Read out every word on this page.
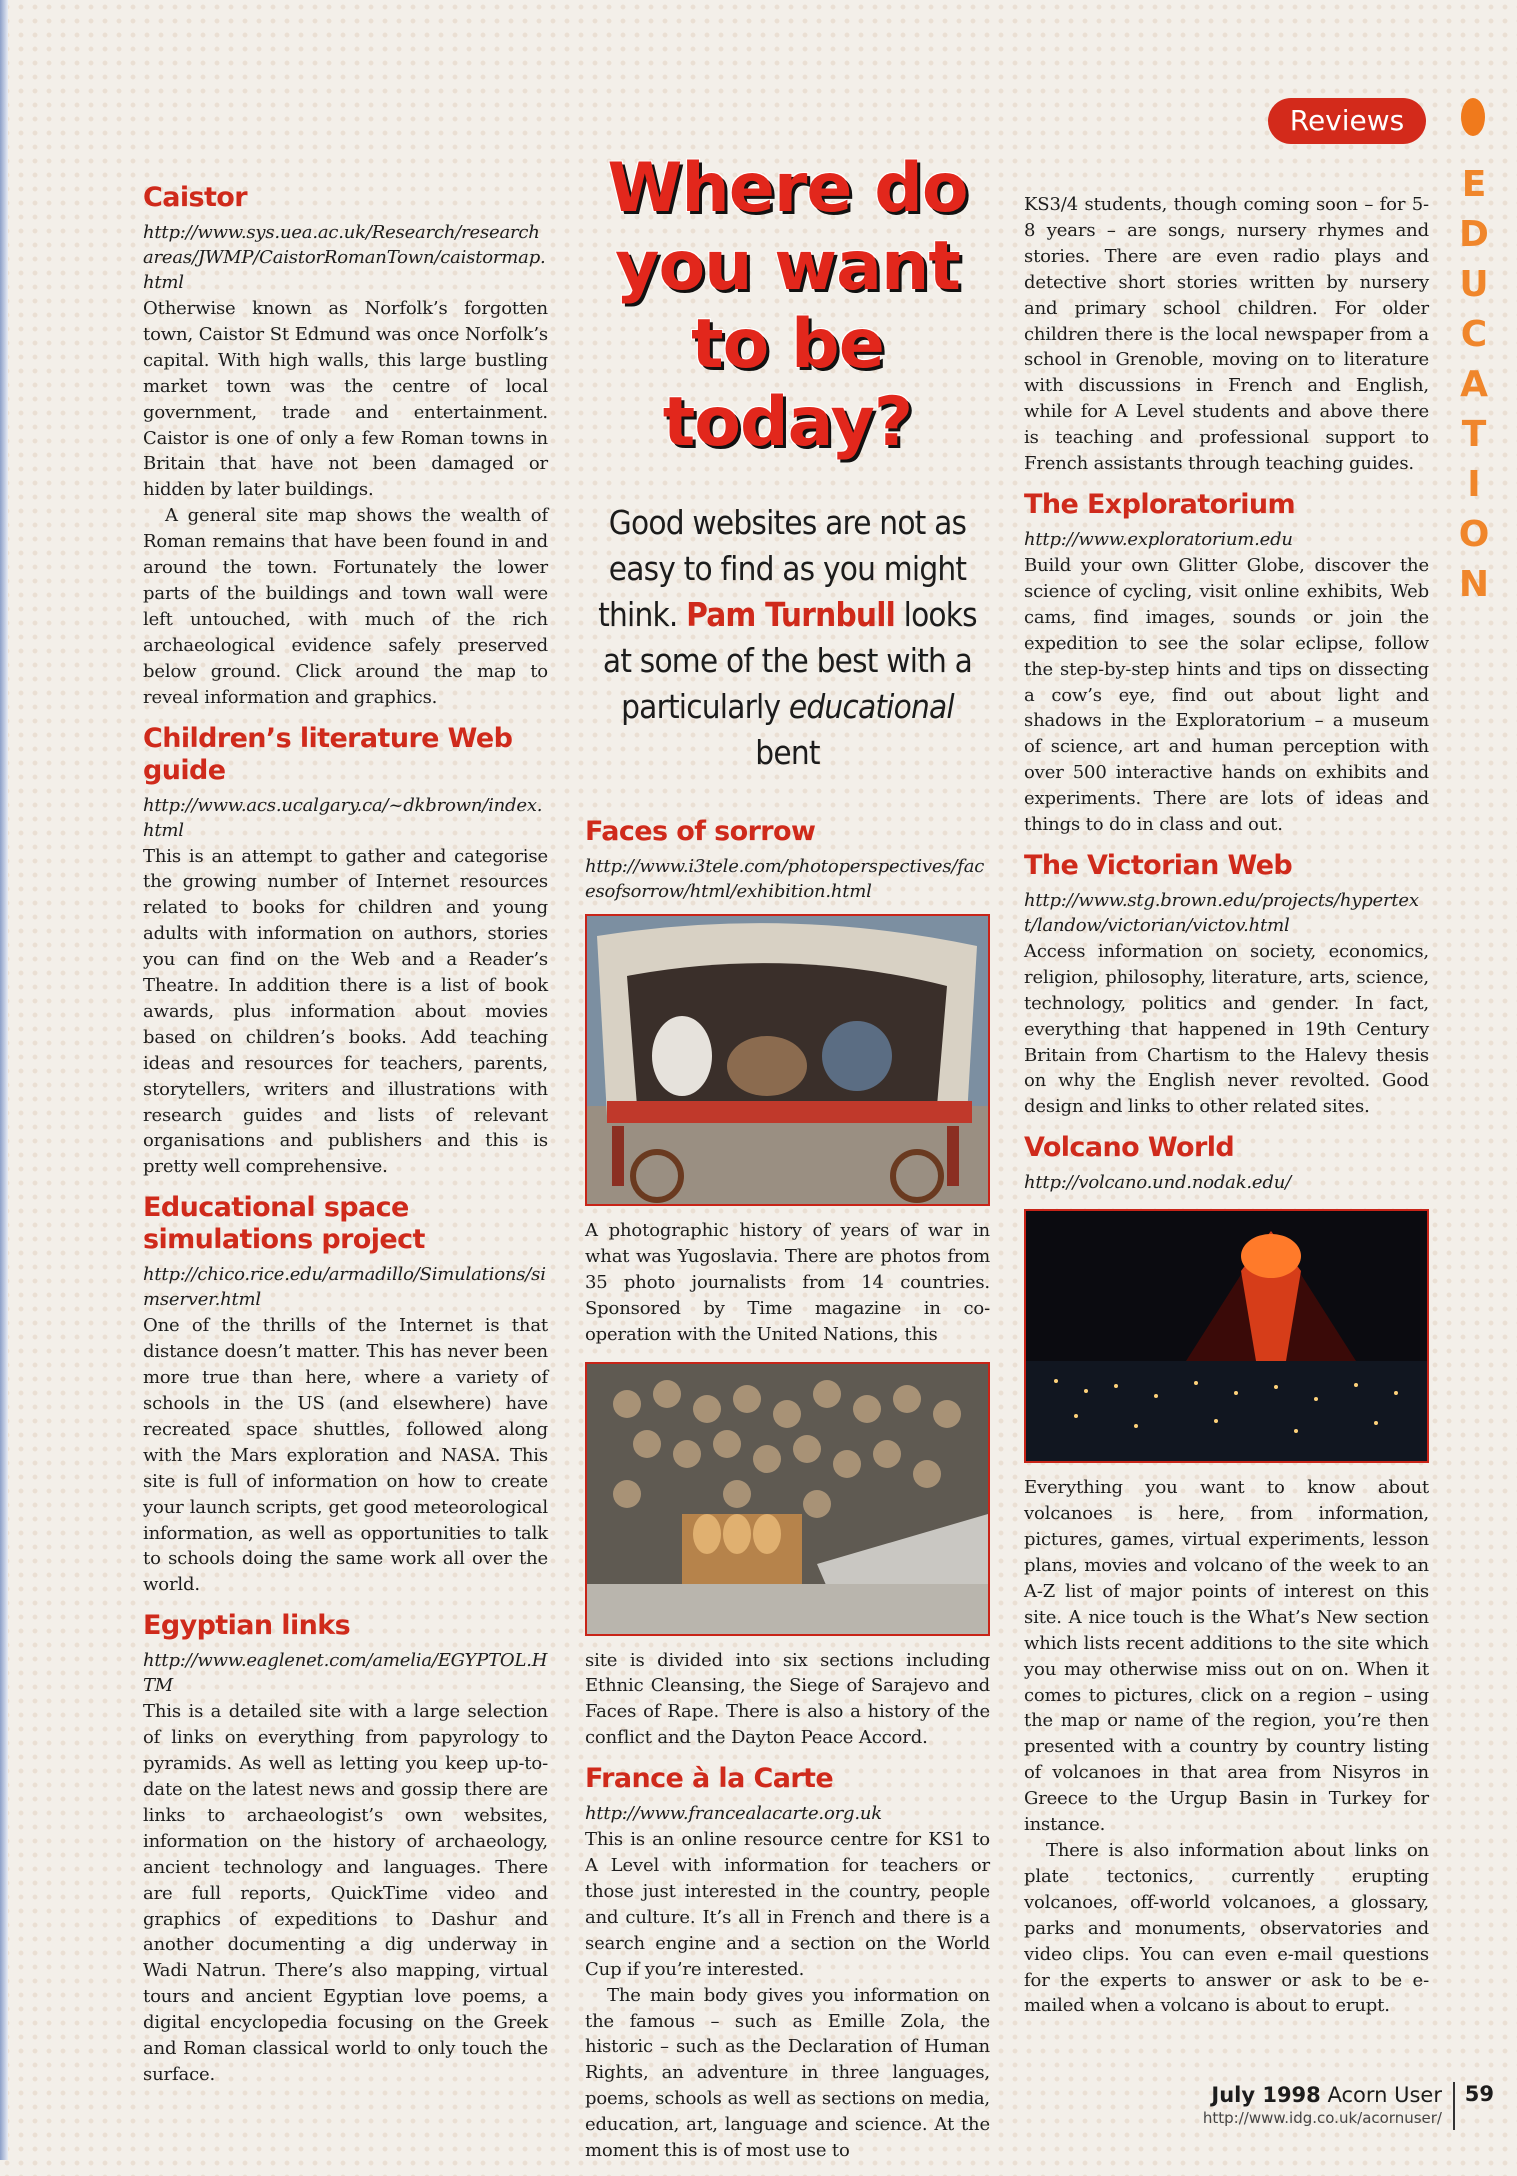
Reviews
E
D
U
C
A
T
I
O
N
Caistor
http://www.sys.uea.ac.uk/Research/researchareas/JWMP/CaistorRomanTown/caistormap.html

Otherwise known as Norfolk’s forgotten town, Caistor St Edmund was once Norfolk’s capital. With high walls, this large bustling market town was the centre of local government, trade and entertainment. Caistor is one of only a few Roman towns in Britain that have not been damaged or hidden by later buildings.

A general site map shows the wealth of Roman remains that have been found in and around the town. Fortunately the lower parts of the buildings and town wall were left untouched, with much of the rich archaeological evidence safely preserved below ground. Click around the map to reveal information and graphics.

Children’s literature Web guide
http://www.acs.ucalgary.ca/~dkbrown/index.html

This is an attempt to gather and categorise the growing number of Internet resources related to books for children and young adults with information on authors, stories you can find on the Web and a Reader’s Theatre. In addition there is a list of book awards, plus information about movies based on children’s books. Add teaching ideas and resources for teachers, parents, storytellers, writers and illustrations with research guides and lists of relevant organisations and publishers and this is pretty well comprehensive.

Educational space simulations project
http://chico.rice.edu/armadillo/Simulations/simserver.html

One of the thrills of the Internet is that distance doesn’t matter. This has never been more true than here, where a variety of schools in the US (and elsewhere) have recreated space shuttles, followed along with the Mars exploration and NASA. This site is full of information on how to create your launch scripts, get good meteorological information, as well as opportunities to talk to schools doing the same work all over the world.

Egyptian links
http://www.eaglenet.com/amelia/EGYPTOL.HTM

This is a detailed site with a large selection of links on everything from papyrology to pyramids. As well as letting you keep up-to-date on the latest news and gossip there are links to archaeologist’s own websites, information on the history of archaeology, ancient technology and languages. There are full reports, QuickTime video and graphics of expeditions to Dashur and another documenting a dig underway in Wadi Natrun. There’s also mapping, virtual tours and ancient Egyptian love poems, a digital encyclopedia focusing on the Greek and Roman classical world to only touch the surface.

Where do you want to be today?
Good websites are not as easy to find as you might think. Pam Turnbull looks at some of the best with a particularly educational bent
Faces of sorrow
http://www.i3tele.com/photoperspectives/facesofsorrow/html/exhibition.html

A photographic history of years of war in what was Yugoslavia. There are photos from 35 photo journalists from 14 countries. Sponsored by Time magazine in co-operation with the United Nations, this

site is divided into six sections including Ethnic Cleansing, the Siege of Sarajevo and Faces of Rape. There is also a history of the conflict and the Dayton Peace Accord.

France à la Carte
http://www.francealacarte.org.uk

This is an online resource centre for KS1 to A Level with information for teachers or those just interested in the country, people and culture. It’s all in French and there is a search engine and a section on the World Cup if you’re interested.

The main body gives you information on the famous – such as Emille Zola, the historic – such as the Declaration of Human Rights, an adventure in three languages, poems, schools as well as sections on media, education, art, language and science. At the moment this is of most use to

KS3/4 students, though coming soon – for 5-8 years – are songs, nursery rhymes and stories. There are even radio plays and detective short stories written by nursery and primary school children. For older children there is the local newspaper from a school in Grenoble, moving on to literature with discussions in French and English, while for A Level students and above there is teaching and professional support to French assistants through teaching guides.

The Exploratorium
http://www.exploratorium.edu

Build your own Glitter Globe, discover the science of cycling, visit online exhibits, Web cams, find images, sounds or join the expedition to see the solar eclipse, follow the step-by-step hints and tips on dissecting a cow’s eye, find out about light and shadows in the Exploratorium – a museum of science, art and human perception with over 500 interactive hands on exhibits and experiments. There are lots of ideas and things to do in class and out.

The Victorian Web
http://www.stg.brown.edu/projects/hypertext/landow/victorian/victov.html

Access information on society, economics, religion, philosophy, literature, arts, science, technology, politics and gender. In fact, everything that happened in 19th Century Britain from Chartism to the Halevy thesis on why the English never revolted. Good design and links to other related sites.

Volcano World
http://volcano.und.nodak.edu/

Everything you want to know about volcanoes is here, from information, pictures, games, virtual experiments, lesson plans, movies and volcano of the week to an A-Z list of major points of interest on this site. A nice touch is the What’s New section which lists recent additions to the site which you may otherwise miss out on on. When it comes to pictures, click on a region – using the map or name of the region, you’re then presented with a country by country listing of volcanoes in that area from Nisyros in Greece to the Urgup Basin in Turkey for instance.

There is also information about links on plate tectonics, currently erupting volcanoes, off-world volcanoes, a glossary, parks and monuments, observatories and video clips. You can even e-mail questions for the experts to answer or ask to be e-mailed when a volcano is about to erupt.

July 1998 Acorn User
http://www.idg.co.uk/acornuser/
59
